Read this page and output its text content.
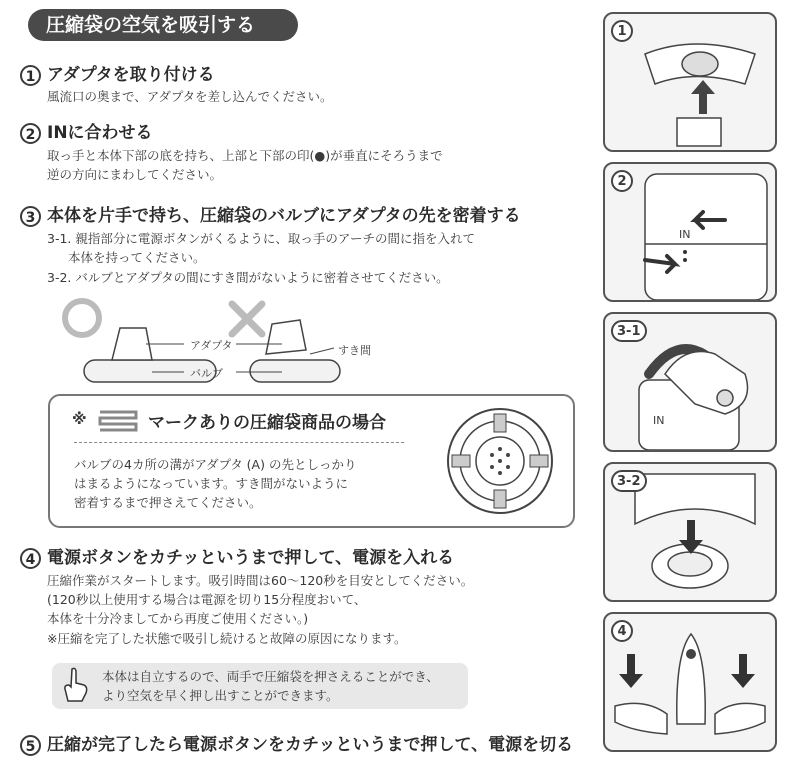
圧縮袋の空気を吸引する
1 アダプタを取り付ける
風流口の奥まで、アダプタを差し込んでください。
2 INに合わせる
取っ手と本体下部の底を持ち、上部と下部の印(●)が垂直にそろうまで
逆の方向にまわしてください。
3 本体を片手で持ち、圧縮袋のバルブにアダプタの先を密着する
3-1. 親指部分に電源ボタンがくるように、取っ手のアーチの間に指を入れて
本体を持ってください。
3-2. バルブとアダプタの間にすき間がないように密着させてください。
アダプタ
バルブ
すき間
※	マークありの圧縮袋商品の場合
バルブの4カ所の溝がアダプタ (A) の先としっかり
はまるようになっています。すき間がないように
密着するまで押さえてください。
4 電源ボタンをカチッというまで押して、電源を入れる
圧縮作業がスタートします。吸引時間は60～120秒を目安としてください。
(120秒以上使用する場合は電源を切り15分程度おいて、
本体を十分冷ましてから再度ご使用ください。)
※圧縮を完了した状態で吸引し続けると故障の原因になります。
本体は自立するので、両手で圧縮袋を押さえることができ、
より空気を早く押し出すことができます。
5 圧縮が完了したら電源ボタンをカチッというまで押して、電源を切る
1
IN
2
IN
3-1
3-2
4
